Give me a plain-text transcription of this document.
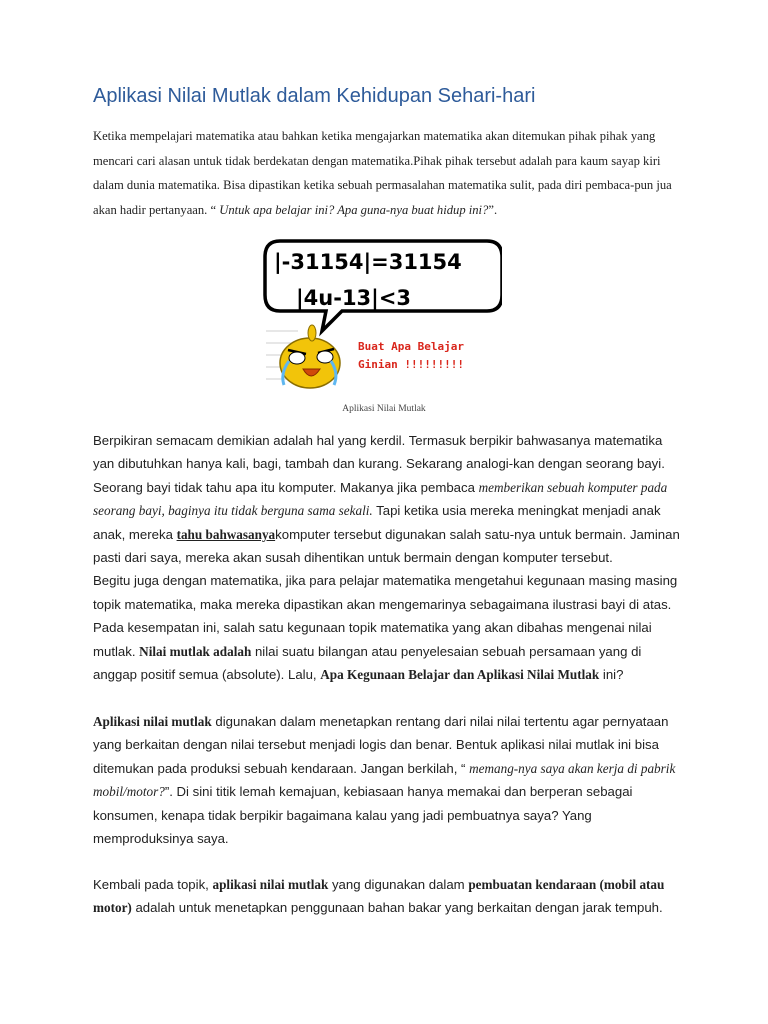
Aplikasi Nilai Mutlak dalam Kehidupan Sehari-hari

Ketika mempelajari matematika atau bahkan ketika mengajarkan matematika akan ditemukan pihak pihak yang mencari cari alasan untuk tidak berdekatan dengan matematika.Pihak pihak tersebut adalah para kaum sayap kiri dalam dunia matematika. Bisa dipastikan ketika sebuah permasalahan matematika sulit, pada diri pembaca-pun jua akan hadir pertanyaan. “ Untuk apa belajar ini? Apa guna-nya buat hidup ini?”.

|-31154|=31154
|4u-13|<3
Buat Apa Belajar
Ginian !!!!!!!!!
Aplikasi Nilai Mutlak

Berpikiran semacam demikian adalah hal yang kerdil. Termasuk berpikir bahwasanya matematika yan dibutuhkan hanya kali, bagi, tambah dan kurang. Sekarang analogi-kan dengan seorang bayi. Seorang bayi tidak tahu apa itu komputer. Makanya jika pembaca memberikan sebuah komputer pada seorang bayi, baginya itu tidak berguna sama sekali. Tapi ketika usia mereka meningkat menjadi anak anak, mereka tahu bahwasanyakomputer tersebut digunakan salah satu-nya untuk bermain. Jaminan pasti dari saya, mereka akan susah dihentikan untuk bermain dengan komputer tersebut.

Begitu juga dengan matematika, jika para pelajar matematika mengetahui kegunaan masing masing topik matematika, maka mereka dipastikan akan mengemarinya sebagaimana ilustrasi bayi di atas. Pada kesempatan ini, salah satu kegunaan topik matematika yang akan dibahas mengenai nilai mutlak. Nilai mutlak adalah nilai suatu bilangan atau penyelesaian sebuah persamaan yang di anggap positif semua (absolute). Lalu, Apa Kegunaan Belajar dan Aplikasi Nilai Mutlak ini?

Aplikasi nilai mutlak digunakan dalam menetapkan rentang dari nilai nilai tertentu agar pernyataan yang berkaitan dengan nilai tersebut menjadi logis dan benar. Bentuk aplikasi nilai mutlak ini bisa ditemukan pada produksi sebuah kendaraan. Jangan berkilah, “ memang-nya saya akan kerja di pabrik mobil/motor?”. Di sini titik lemah kemajuan, kebiasaan hanya memakai dan berperan sebagai konsumen, kenapa tidak berpikir bagaimana kalau yang jadi pembuatnya saya? Yang memproduksinya saya.

Kembali pada topik, aplikasi nilai mutlak yang digunakan dalam pembuatan kendaraan (mobil atau motor) adalah untuk menetapkan penggunaan bahan bakar yang berkaitan dengan jarak tempuh.
